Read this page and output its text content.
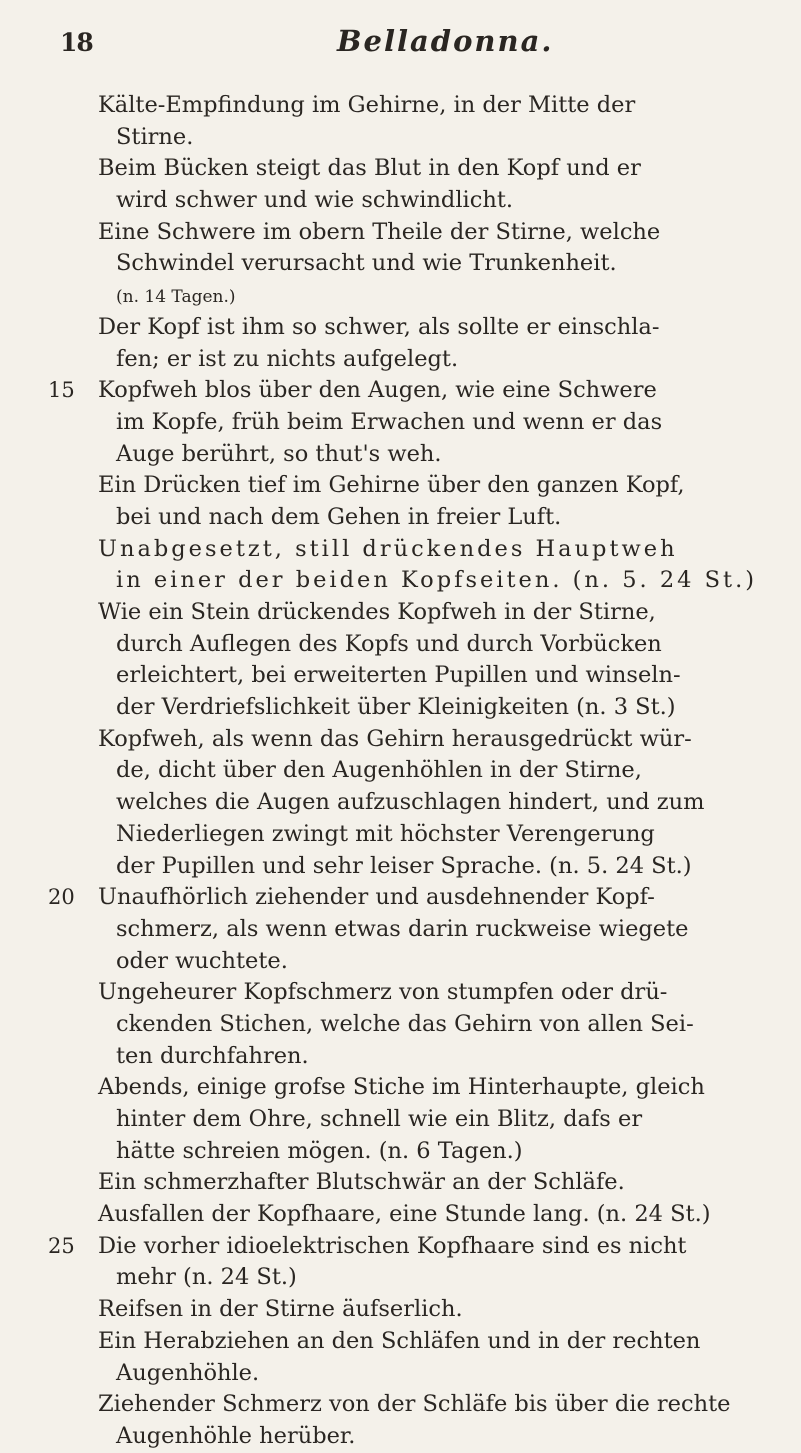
18	Belladonna.
Kälte-Empfindung im Gehirne, in der Mitte der
Stirne.
Beim Bücken steigt das Blut in den Kopf und er
wird schwer und wie schwindlicht.
Eine Schwere im obern Theile der Stirne, welche
Schwindel verursacht und wie Trunkenheit.
(n. 14 Tagen.)
Der Kopf ist ihm so schwer, als sollte er einschla-
fen; er ist zu nichts aufgelegt.
15 Kopfweh blos über den Augen, wie eine Schwere
im Kopfe, früh beim Erwachen und wenn er das
Auge berührt, so thut's weh.
Ein Drücken tief im Gehirne über den ganzen Kopf,
bei und nach dem Gehen in freier Luft.
Unabgesetzt, still drückendes Hauptweh
in einer der beiden Kopfseiten. (n. 5. 24 St.)
Wie ein Stein drückendes Kopfweh in der Stirne,
durch Auflegen des Kopfs und durch Vorbücken
erleichtert, bei erweiterten Pupillen und winseln-
der Verdriefslichkeit über Kleinigkeiten (n. 3 St.)
Kopfweh, als wenn das Gehirn herausgedrückt wür-
de, dicht über den Augenhöhlen in der Stirne,
welches die Augen aufzuschlagen hindert, und zum
Niederliegen zwingt mit höchster Verengerung
der Pupillen und sehr leiser Sprache. (n. 5. 24 St.)
20 Unaufhörlich ziehender und ausdehnender Kopf-
schmerz, als wenn etwas darin ruckweise wiegete
oder wuchtete.
Ungeheurer Kopfschmerz von stumpfen oder drü-
ckenden Stichen, welche das Gehirn von allen Sei-
ten durchfahren.
Abends, einige grofse Stiche im Hinterhaupte, gleich
hinter dem Ohre, schnell wie ein Blitz, dafs er
hätte schreien mögen. (n. 6 Tagen.)
Ein schmerzhafter Blutschwär an der Schläfe.
Ausfallen der Kopfhaare, eine Stunde lang. (n. 24 St.)
25 Die vorher idioelektrischen Kopfhaare sind es nicht
mehr (n. 24 St.)
Reifsen in der Stirne äufserlich.
Ein Herabziehen an den Schläfen und in der rechten
Augenhöhle.
Ziehender Schmerz von der Schläfe bis über die rechte
Augenhöhle herüber.
